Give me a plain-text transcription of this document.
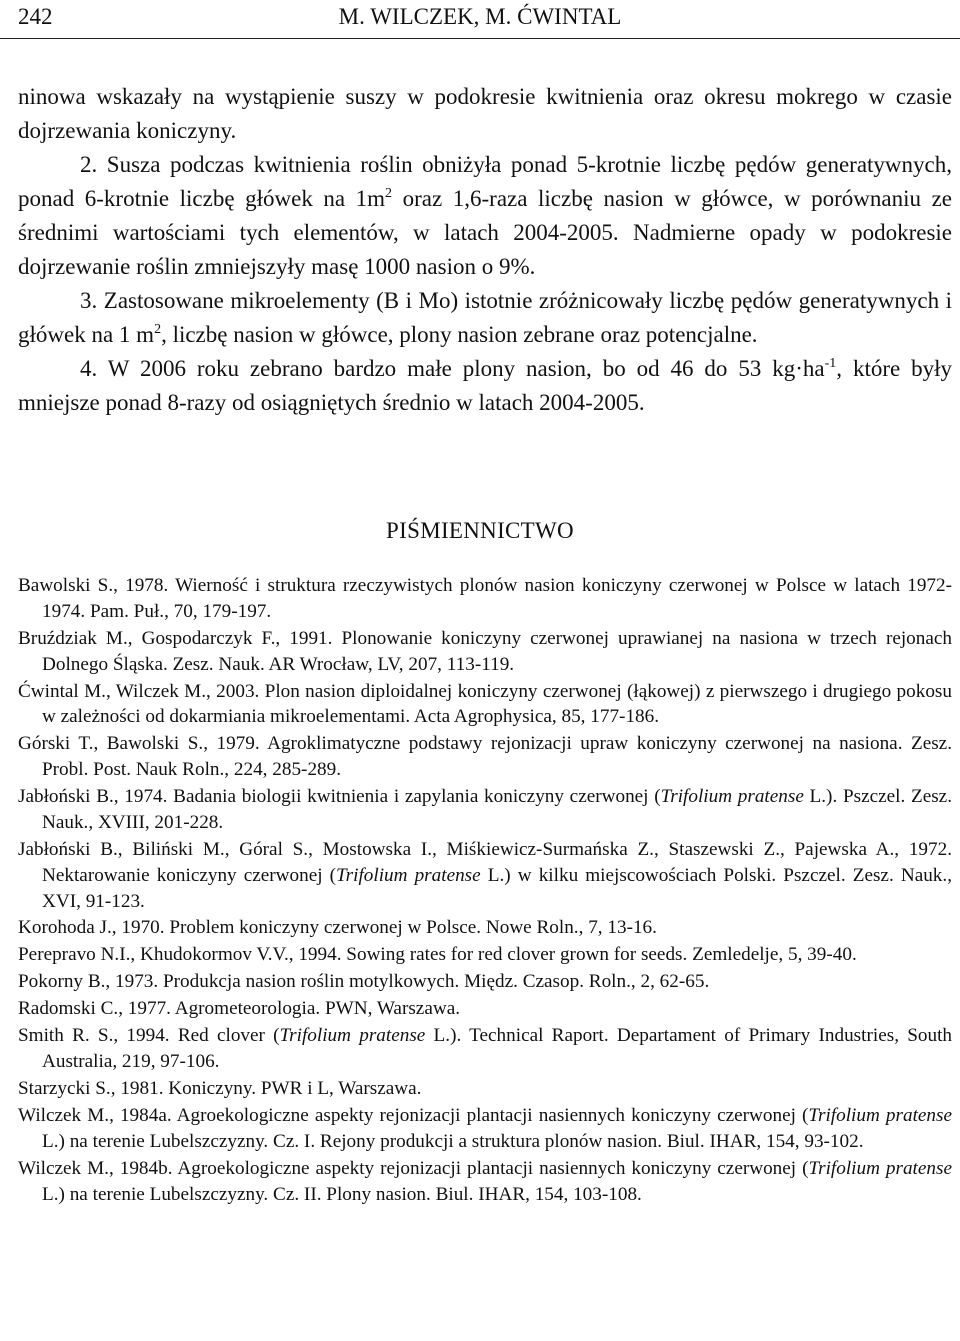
242	M. WILCZEK, M. ĆWINTAL

ninowa wskazały na wystąpienie suszy w podokresie kwitnienia oraz okresu mokrego w czasie dojrzewania koniczyny.

2. Susza podczas kwitnienia roślin obniżyła ponad 5-krotnie liczbę pędów generatywnych, ponad 6-krotnie liczbę główek na $1m^2$ oraz 1,6-raza liczbę nasion w główce, w porównaniu ze średnimi wartościami tych elementów, w latach 2004-2005. Nadmierne opady w podokresie dojrzewanie roślin zmniejszyły masę 1000 nasion o 9%.

3. Zastosowane mikroelementy (B i Mo) istotnie zróżnicowały liczbę pędów generatywnych i główek na 1 $m^2$, liczbę nasion w główce, plony nasion zebrane oraz potencjalne.

4. W 2006 roku zebrano bardzo małe plony nasion, bo od 46 do 53 $kg\cdot ha^{-1}$, które były mniejsze ponad 8-razy od osiągniętych średnio w latach 2004-2005.

PIŚMIENNICTWO

Bawolski S., 1978. Wierność i struktura rzeczywistych plonów nasion koniczyny czerwonej w Polsce w latach 1972-1974. Pam. Puł., 70, 179-197.

Bruździak M., Gospodarczyk F., 1991. Plonowanie koniczyny czerwonej uprawianej na nasiona w trzech rejonach Dolnego Śląska. Zesz. Nauk. AR Wrocław, LV, 207, 113-119.

Ćwintal M., Wilczek M., 2003. Plon nasion diploidalnej koniczyny czerwonej (łąkowej) z pierwszego i drugiego pokosu w zależności od dokarmiania mikroelementami. Acta Agrophysica, 85, 177-186.

Górski T., Bawolski S., 1979. Agroklimatyczne podstawy rejonizacji upraw koniczyny czerwonej na nasiona. Zesz. Probl. Post. Nauk Roln., 224, 285-289.

Jabłoński B., 1974. Badania biologii kwitnienia i zapylania koniczyny czerwonej (Trifolium pratense L.). Pszczel. Zesz. Nauk., XVIII, 201-228.

Jabłoński B., Biliński M., Góral S., Mostowska I., Miśkiewicz-Surmańska Z., Staszewski Z., Pajewska A., 1972. Nektarowanie koniczyny czerwonej (Trifolium pratense L.) w kilku miejscowościach Polski. Pszczel. Zesz. Nauk., XVI, 91-123.

Korohoda J., 1970. Problem koniczyny czerwonej w Polsce. Nowe Roln., 7, 13-16.

Perepravo N.I., Khudokormov V.V., 1994. Sowing rates for red clover grown for seeds. Zemledelje, 5, 39-40.

Pokorny B., 1973. Produkcja nasion roślin motylkowych. Międz. Czasop. Roln., 2, 62-65.

Radomski C., 1977. Agrometeorologia. PWN, Warszawa.

Smith R. S., 1994. Red clover (Trifolium pratense L.). Technical Raport. Departament of Primary Industries, South Australia, 219, 97-106.

Starzycki S., 1981. Koniczyny. PWR i L, Warszawa.

Wilczek M., 1984a. Agroekologiczne aspekty rejonizacji plantacji nasiennych koniczyny czerwonej (Trifolium pratense L.) na terenie Lubelszczyzny. Cz. I. Rejony produkcji a struktura plonów nasion. Biul. IHAR, 154, 93-102.

Wilczek M., 1984b. Agroekologiczne aspekty rejonizacji plantacji nasiennych koniczyny czerwonej (Trifolium pratense L.) na terenie Lubelszczyzny. Cz. II. Plony nasion. Biul. IHAR, 154, 103-108.
